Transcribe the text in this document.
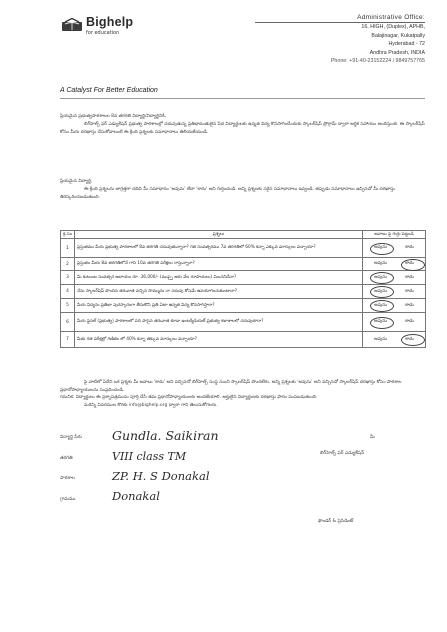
Bighelp
for education
Administrative Office:
16, HIGH, (Duplex), APHB,
Balajinagar, Kukatpally
Hyderabad - 72
Andhra Pradesh, INDIA
Phone: +91-40-23152224 / 9849757765
A Catalyst For Better Education

ప్రియమైన ప్రభుత్వపాఠశాలల 8వ తరగతి విద్యార్థి/విద్యార్థినికి,

బిగ్‌హెల్ప్ ఫర్ ఎడ్యుకేషన్ ప్రభుత్వ పాఠశాలల్లో చదువుతున్న ప్రతిభావంతులైన పేద విద్యార్థులకు ఉన్నత విద్య కొనసాగించేందుకు స్కాలర్‌షిప్ ప్రోగ్రామ్ ద్వారా ఆర్థిక సహాయం అందిస్తుంది. ఈ స్కాలర్‌షిప్ కోసం మీరు దరఖాస్తు చేసుకోవాలంటే ఈ క్రింది ప్రశ్నలకు సమాధానాలు తెలియజేయండి.

ప్రియమైన విద్యార్థి,

ఈ క్రింది ప్రశ్నలను జాగ్రత్తగా చదివి మీ సమాధానం 'అవును' లేదా 'కాదు' అని గుర్తించండి. అన్ని ప్రశ్నలకు సరైన సమాధానాలు ఇవ్వండి. తప్పుడు సమాధానాలు ఇచ్చినచో మీ దరఖాస్తు తిరస్కరించబడుతుంది.

క్ర.సం	ప్రశ్నలు	జవాబు పై గుర్తు పెట్టండి
1	ప్రస్తుతము మీరు ప్రభుత్వ పాఠశాలలో 8వ తరగతి చదువుతున్నారా? గత సంవత్సరము 7వ తరగతిలో 60% కన్నా ఎక్కువ మార్కులు వచ్చాయా?	అవును కాదు

2	ప్రస్తుతం మీరు 8వ తరగతిలోనే గాని 10వ తరగతి పరీక్షలు రాస్తున్నారా?	అవును కాదు

3	మీ కుటుంబ సంవత్సర ఆదాయం రూ. 36,000/- (ముప్పై ఆరు వేల రూపాయలు) మించనిదేనా?	అవును కాదు

4	నేను స్కాలర్‌షిప్ పొందిన తరువాత వచ్చిన సొమ్మును నా చదువు కోసమే ఉపయోగించుకుంటానా?	అవును కాదు

5	మీరు విద్యను ప్రతిభా పురస్కారంగా తీసుకొని ప్రతి ఏటా ఉన్నత విద్య కొనసాగిస్తారా?	అవును కాదు

6	మీరు ఫైనల్ (ప్రభుత్వ) పాఠశాలలో పది పాసైన తరువాత కూడా ఇంటర్మీడియట్ ప్రభుత్వ కళాశాలలో చదువుతారా?	అవును కాదు

7	మీకు గత పరీక్షల్లో గణితం లో 40% కన్నా తక్కువ మార్కులు వచ్చాయా?	అవును కాదు

పై వాటిలో ఏదేని ఒక ప్రశ్నకు మీ జవాబు 'కాదు' అని వచ్చినచో బిగ్‌హెల్ప్ సంస్థ నుంచి స్కాలర్‌షిప్ పొందలేరు. అన్ని ప్రశ్నలకు 'అవును' అని వచ్చినచో స్కాలర్‌షిప్ దరఖాస్తు కోసం పాఠశాల ప్రధానోపాధ్యాయులను సంప్రదించండి.

గమనిక: విద్యార్థులు ఈ ప్రశ్నాపత్రమును పూర్తి చేసి తమ ప్రధానోపాధ్యాయులకు అందజేయాలి. అర్హులైన విద్యార్థులకు దరఖాస్తు ఫారం పంపబడుతుంది.

మరిన్ని వివరముల కొరకు info@bighelp.org ద్వారా గాని తెలుసుకోగలరు.

విద్యార్థి పేరు Gundla. Saikiran	మీ
బిగ్‌హెల్ప్ ఫర్ ఎడ్యుకేషన్
తరగతి	VIII class TM
పాఠశాల	ZP. H. S Donakal
గ్రామము	Donakal
ఫౌండర్ & ప్రెసిడెంట్
